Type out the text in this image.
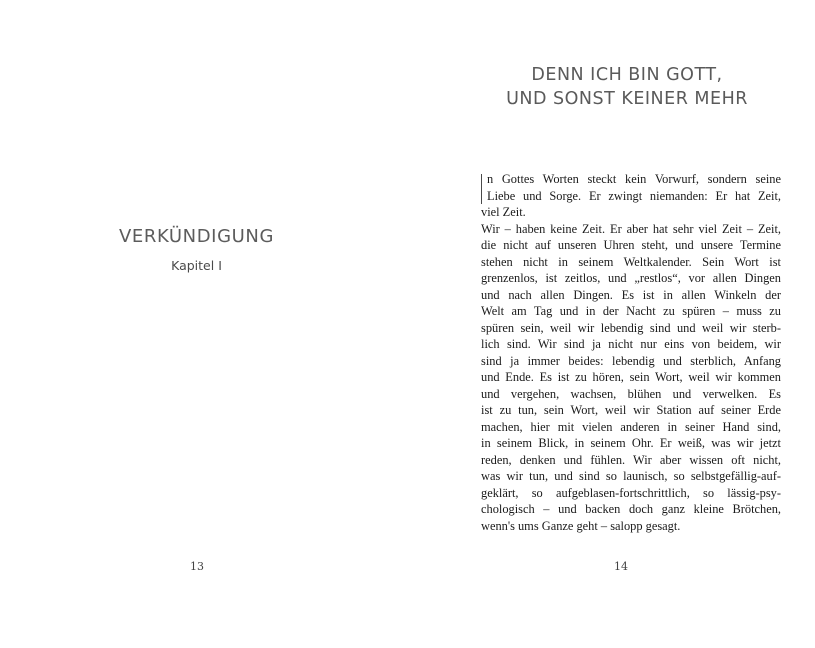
VERKÜNDIGUNG
Kapitel I
13
DENN ICH BIN GOTT,
UND SONST KEINER MEHR
n Gottes Worten steckt kein Vorwurf, sondern seine
Liebe und Sorge. Er zwingt niemanden: Er hat Zeit,
viel Zeit.
Wir – haben keine Zeit. Er aber hat sehr viel Zeit – Zeit,
die nicht auf unseren Uhren steht, und unsere Termine
stehen nicht in seinem Weltkalender. Sein Wort ist
grenzenlos, ist zeitlos, und „restlos“, vor allen Dingen
und nach allen Dingen. Es ist in allen Winkeln der
Welt am Tag und in der Nacht zu spüren – muss zu
spüren sein, weil wir lebendig sind und weil wir sterb-
lich sind. Wir sind ja nicht nur eins von beidem, wir
sind ja immer beides: lebendig und sterblich, Anfang
und Ende. Es ist zu hören, sein Wort, weil wir kommen
und vergehen, wachsen, blühen und verwelken. Es
ist zu tun, sein Wort, weil wir Station auf seiner Erde
machen, hier mit vielen anderen in seiner Hand sind,
in seinem Blick, in seinem Ohr. Er weiß, was wir jetzt
reden, denken und fühlen. Wir aber wissen oft nicht,
was wir tun, und sind so launisch, so selbstgefällig-auf-
geklärt, so aufgeblasen-fortschrittlich, so lässig-psy-
chologisch – und backen doch ganz kleine Brötchen,
wenn's ums Ganze geht – salopp gesagt.
14
